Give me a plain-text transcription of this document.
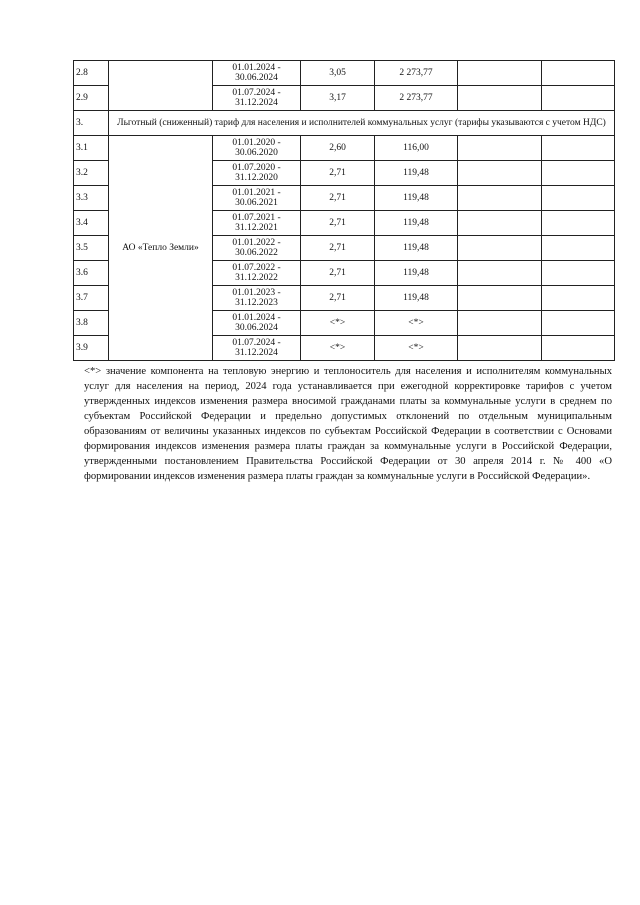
2.8		01.01.2024 - 30.06.2024	3,05	2 273,77		
2.9		01.07.2024 - 31.12.2024	3,17	2 273,77		
3.	Льготный (сниженный) тариф для населения и исполнителей коммунальных услуг (тарифы указываются с учетом НДС)					
3.1	АО «Тепло Земли»	01.01.2020 - 30.06.2020	2,60	116,00		
3.2		01.07.2020 - 31.12.2020	2,71	119,48		
3.3		01.01.2021 - 30.06.2021	2,71	119,48		
3.4		01.07.2021 - 31.12.2021	2,71	119,48		
3.5		01.01.2022 - 30.06.2022	2,71	119,48		
3.6		01.07.2022 - 31.12.2022	2,71	119,48		
3.7		01.01.2023 - 31.12.2023	2,71	119,48		
3.8		01.01.2024 - 30.06.2024	<*>	<*>		
3.9		01.07.2024 - 31.12.2024	<*>	<*>		
<*> значение компонента на тепловую энергию и теплоноситель для населения и исполнителям коммунальных услуг для населения на период, 2024 года устанавливается при ежегодной корректировке тарифов с учетом утвержденных индексов изменения размера вносимой гражданами платы за коммунальные услуги в среднем по субъектам Российской Федерации и предельно допустимых отклонений по отдельным муниципальным образованиям от величины указанных индексов по субъектам Российской Федерации в соответствии с Основами формирования индексов изменения размера платы граждан за коммунальные услуги в Российской Федерации, утвержденными постановлением Правительства Российской Федерации от 30 апреля 2014 г. № 400 «О формировании индексов изменения размера платы граждан за коммунальные услуги в Российской Федерации».
